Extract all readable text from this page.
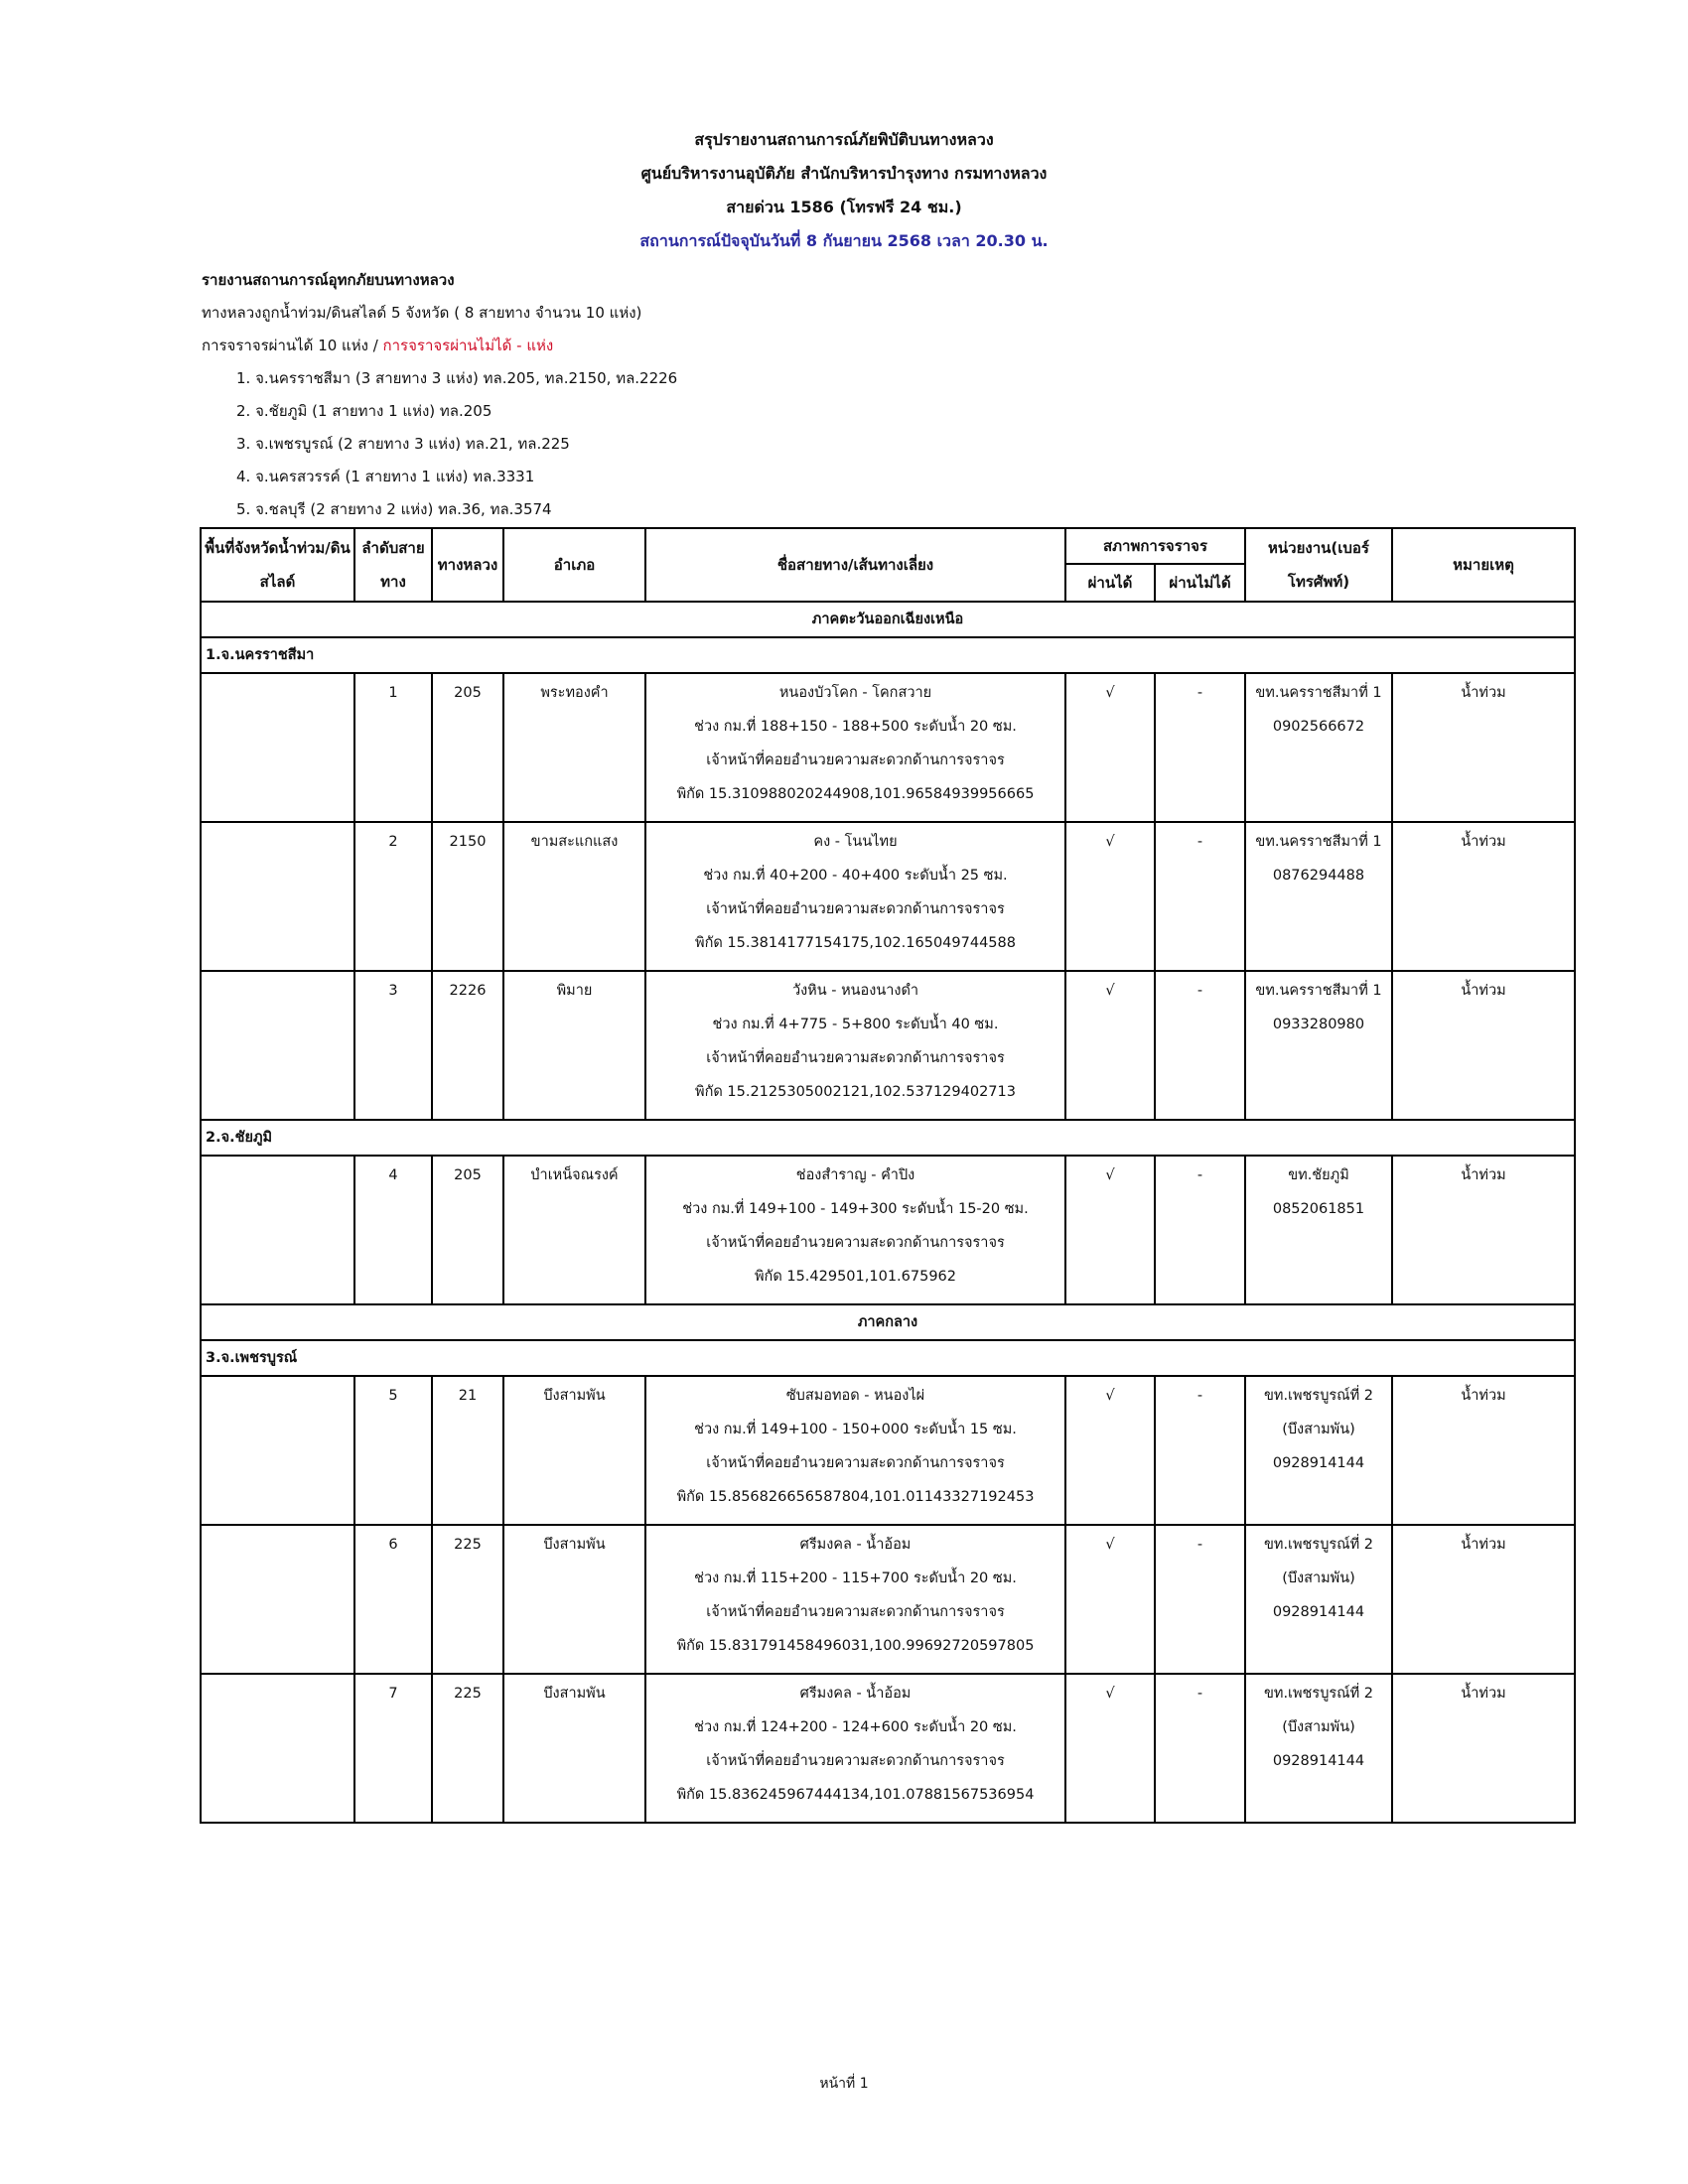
สรุปรายงานสถานการณ์ภัยพิบัติบนทางหลวง
ศูนย์บริหารงานอุบัติภัย สำนักบริหารบำรุงทาง กรมทางหลวง
สายด่วน 1586 (โทรฟรี 24 ชม.)
สถานการณ์ปัจจุบันวันที่ 8 กันยายน 2568 เวลา 20.30 น.
รายงานสถานการณ์อุทกภัยบนทางหลวง
ทางหลวงถูกน้ำท่วม/ดินสไลด์ 5 จังหวัด ( 8 สายทาง จำนวน 10 แห่ง)
การจราจรผ่านได้ 10 แห่ง / การจราจรผ่านไม่ได้ - แห่ง
1. จ.นครราชสีมา (3 สายทาง 3 แห่ง) ทล.205, ทล.2150, ทล.2226
2. จ.ชัยภูมิ (1 สายทาง 1 แห่ง) ทล.205
3. จ.เพชรบูรณ์ (2 สายทาง 3 แห่ง) ทล.21, ทล.225
4. จ.นครสวรรค์ (1 สายทาง 1 แห่ง) ทล.3331
5. จ.ชลบุรี (2 สายทาง 2 แห่ง) ทล.36, ทล.3574
พื้นที่จังหวัดน้ำท่วม/ดินสไลด์	ลำดับสายทาง	ทางหลวง	อำเภอ	ชื่อสายทาง/เส้นทางเลี่ยง	สภาพการจราจร		หน่วยงาน(เบอร์โทรศัพท์)	หมายเหตุ
					ผ่านได้	ผ่านไม่ได้		
ภาคตะวันออกเฉียงเหนือ								
1.จ.นครราชสีมา								

	1	205	พระทองคำ	หนองบัวโคก - โคกสวาย
ช่วง กม.ที่ 188+150 - 188+500 ระดับน้ำ 20 ซม.
เจ้าหน้าที่คอยอำนวยความสะดวกด้านการจราจร
พิกัด 15.310988020244908,101.96584939956665	√	-	ขท.นครราชสีมาที่ 1
0902566672	น้ำท่วม

	2	2150	ขามสะแกแสง	คง - โนนไทย
ช่วง กม.ที่ 40+200 - 40+400 ระดับน้ำ 25 ซม.
เจ้าหน้าที่คอยอำนวยความสะดวกด้านการจราจร
พิกัด 15.3814177154175,102.165049744588	√	-	ขท.นครราชสีมาที่ 1
0876294488	น้ำท่วม

	3	2226	พิมาย	วังหิน - หนองนางดำ
ช่วง กม.ที่ 4+775 - 5+800 ระดับน้ำ 40 ซม.
เจ้าหน้าที่คอยอำนวยความสะดวกด้านการจราจร
พิกัด 15.2125305002121,102.537129402713	√	-	ขท.นครราชสีมาที่ 1
0933280980	น้ำท่วม

2.จ.ชัยภูมิ								

	4	205	บำเหน็จณรงค์	ช่องสำราญ - คำปิง
ช่วง กม.ที่ 149+100 - 149+300 ระดับน้ำ 15-20 ซม.
เจ้าหน้าที่คอยอำนวยความสะดวกด้านการจราจร
พิกัด 15.429501,101.675962	√	-	ขท.ชัยภูมิ
0852061851	น้ำท่วม

ภาคกลาง								
3.จ.เพชรบูรณ์								

	5	21	บึงสามพัน	ซับสมอทอด - หนองไผ่
ช่วง กม.ที่ 149+100 - 150+000 ระดับน้ำ 15 ซม.
เจ้าหน้าที่คอยอำนวยความสะดวกด้านการจราจร
พิกัด 15.856826656587804,101.01143327192453	√	-	ขท.เพชรบูรณ์ที่ 2
(บึงสามพัน)
0928914144	น้ำท่วม

	6	225	บึงสามพัน	ศรีมงคล - น้ำอ้อม
ช่วง กม.ที่ 115+200 - 115+700 ระดับน้ำ 20 ซม.
เจ้าหน้าที่คอยอำนวยความสะดวกด้านการจราจร
พิกัด 15.831791458496031,100.99692720597805	√	-	ขท.เพชรบูรณ์ที่ 2
(บึงสามพัน)
0928914144	น้ำท่วม

	7	225	บึงสามพัน	ศรีมงคล - น้ำอ้อม
ช่วง กม.ที่ 124+200 - 124+600 ระดับน้ำ 20 ซม.
เจ้าหน้าที่คอยอำนวยความสะดวกด้านการจราจร
พิกัด 15.836245967444134,101.07881567536954	√	-	ขท.เพชรบูรณ์ที่ 2
(บึงสามพัน)
0928914144	น้ำท่วม
หน้าที่ 1
